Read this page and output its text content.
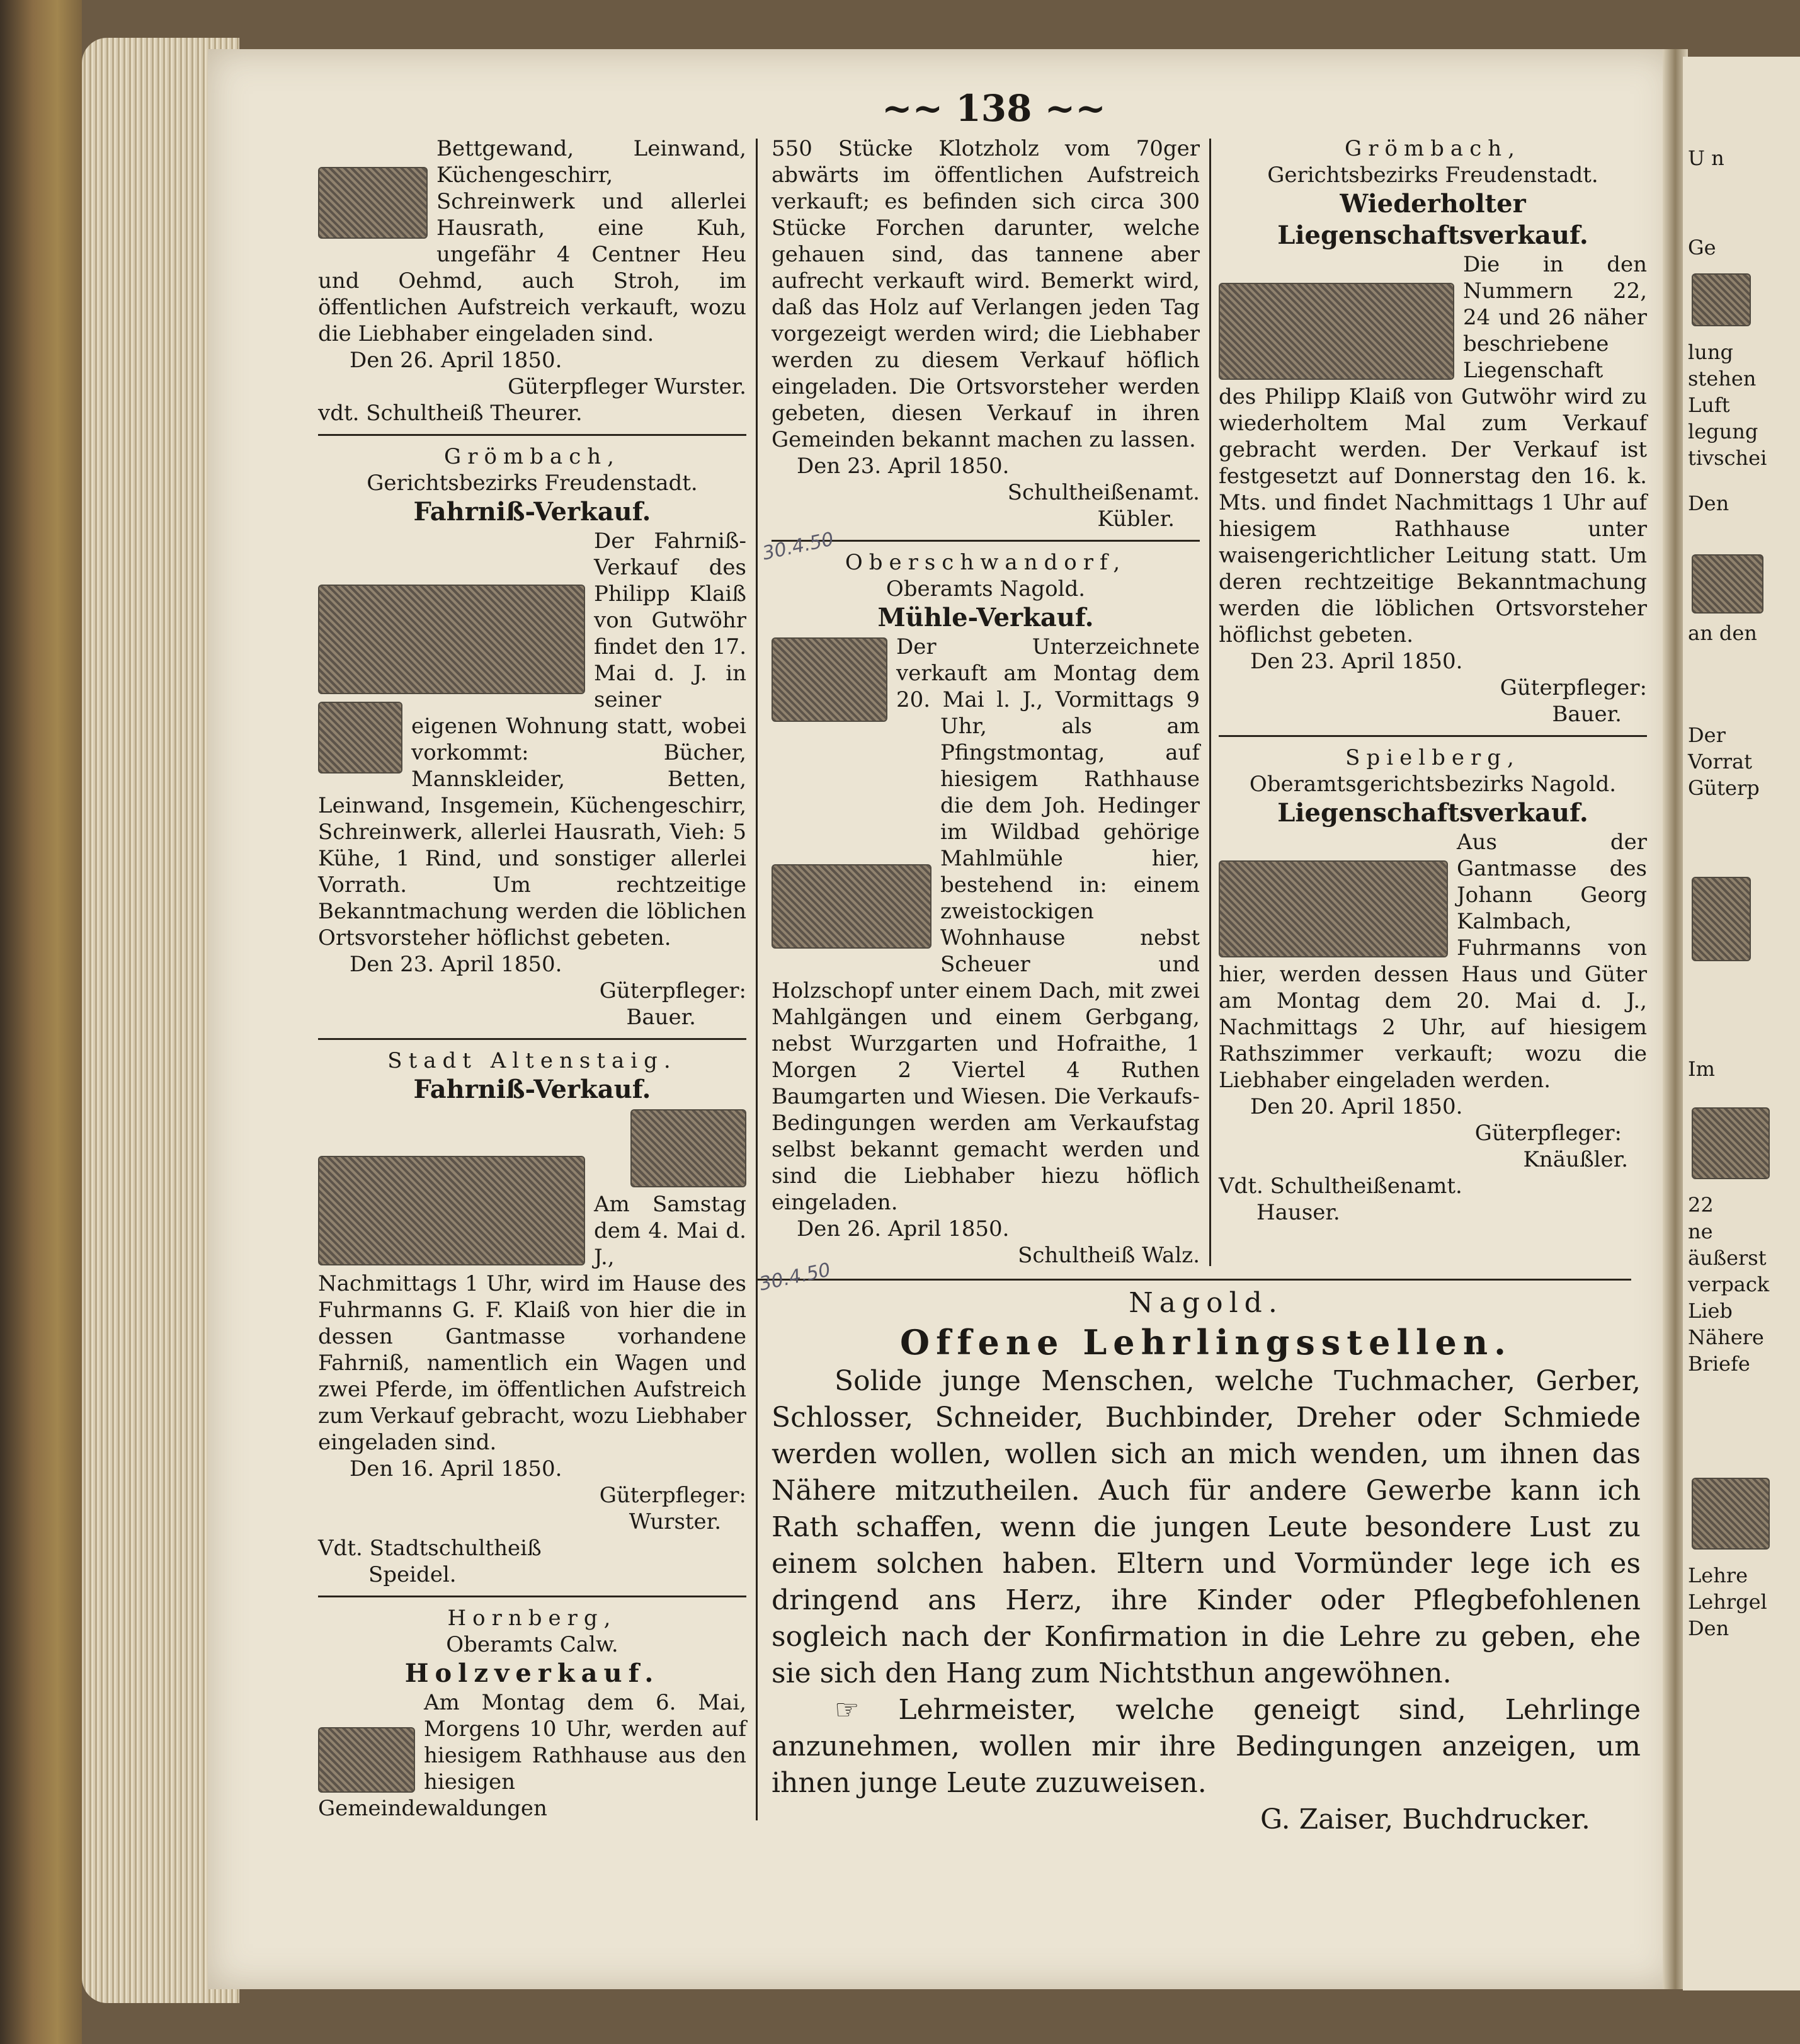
U n
Ge
lung
stehen
Luft
legung
tivschei
Den
an den
Der
Vorrat
Güterp
Im
22
ne
äußerst
verpack
Lieb
Nähere
Briefe
Lehre
Lehrgel
Den
~~ 138 ~~

Bettgewand, Leinwand, Küchengeschirr, Schreinwerk und allerlei Hausrath, eine Kuh, ungefähr 4 Centner Heu und Oehmd, auch Stroh, im öffentlichen Aufstreich verkauft, wozu die Liebhaber eingeladen sind.

Den 26. April 1850.

Güterpfleger Wurster.

vdt. Schultheiß Theurer.

Grömbach,

Gerichtsbezirks Freudenstadt.

Fahrniß-Verkauf.

Der Fahrniß-Verkauf des Philipp Klaiß von Gutwöhr findet den 17. Mai d. J. in seiner eigenen Wohnung statt, wobei vorkommt: Bücher, Mannskleider, Betten, Leinwand, Insgemein, Küchengeschirr, Schreinwerk, allerlei Hausrath, Vieh: 5 Kühe, 1 Rind, und sonstiger allerlei Vorrath. Um rechtzeitige Bekanntmachung werden die löblichen Ortsvorsteher höflichst gebeten.

Den 23. April 1850.

Güterpfleger:

Bauer.

Stadt Altenstaig.

Fahrniß-Verkauf.

Am Samstag dem 4. Mai d. J., Nachmittags 1 Uhr, wird im Hause des Fuhrmanns G. F. Klaiß von hier die in dessen Gantmasse vorhandene Fahrniß, namentlich ein Wagen und zwei Pferde, im öffentlichen Aufstreich zum Verkauf gebracht, wozu Liebhaber eingeladen sind.

Den 16. April 1850.

Güterpfleger:

Wurster.

Vdt. Stadtschultheiß

Speidel.

Hornberg,

Oberamts Calw.

Holzverkauf.

Am Montag dem 6. Mai, Morgens 10 Uhr, werden auf hiesigem Rathhause aus den hiesigen Gemeindewaldungen

550 Stücke Klotzholz vom 70ger abwärts im öffentlichen Aufstreich verkauft; es befinden sich circa 300 Stücke Forchen darunter, welche gehauen sind, das tannene aber aufrecht verkauft wird. Bemerkt wird, daß das Holz auf Verlangen jeden Tag vorgezeigt werden wird; die Liebhaber werden zu diesem Verkauf höflich eingeladen. Die Ortsvorsteher werden gebeten, diesen Verkauf in ihren Gemeinden bekannt machen zu lassen.

Den 23. April 1850.

Schultheißenamt.

Kübler.

Oberschwandorf,

Oberamts Nagold.

Mühle-Verkauf.

Der Unterzeichnete verkauft am Montag dem 20. Mai l. J., Vormittags 9 Uhr, als am Pfingstmontag, auf hiesigem Rathhause die dem Joh. Hedinger im Wildbad gehörige Mahlmühle hier, bestehend in: einem zweistockigen Wohnhause nebst Scheuer und Holzschopf unter einem Dach, mit zwei Mahlgängen und einem Gerbgang, nebst Wurzgarten und Hofraithe, 1 Morgen 2 Viertel 4 Ruthen Baumgarten und Wiesen. Die Verkaufs-Bedingungen werden am Verkaufstag selbst bekannt gemacht werden und sind die Liebhaber hiezu höflich eingeladen.

Den 26. April 1850.

Schultheiß Walz.

Grömbach,

Gerichtsbezirks Freudenstadt.

Wiederholter Liegenschaftsverkauf.

Die in den Nummern 22, 24 und 26 näher beschriebene Liegenschaft des Philipp Klaiß von Gutwöhr wird zu wiederholtem Mal zum Verkauf gebracht werden. Der Verkauf ist festgesetzt auf Donnerstag den 16. k. Mts. und findet Nachmittags 1 Uhr auf hiesigem Rathhause unter waisengerichtlicher Leitung statt. Um deren rechtzeitige Bekanntmachung werden die löblichen Ortsvorsteher höflichst gebeten.

Den 23. April 1850.

Güterpfleger:

Bauer.

Spielberg,

Oberamtsgerichtsbezirks Nagold.

Liegenschaftsverkauf.

Aus der Gantmasse des Johann Georg Kalmbach, Fuhrmanns von hier, werden dessen Haus und Güter am Montag dem 20. Mai d. J., Nachmittags 2 Uhr, auf hiesigem Rathszimmer verkauft; wozu die Liebhaber eingeladen werden.

Den 20. April 1850.

Güterpfleger:

Knäußler.

Vdt. Schultheißenamt.

Hauser.

Nagold.

Offene Lehrlingsstellen.

Solide junge Menschen, welche Tuchmacher, Gerber, Schlosser, Schneider, Buchbinder, Dreher oder Schmiede werden wollen, wollen sich an mich wenden, um ihnen das Nähere mitzutheilen. Auch für andere Gewerbe kann ich Rath schaffen, wenn die jungen Leute besondere Lust zu einem solchen haben. Eltern und Vormünder lege ich es dringend ans Herz, ihre Kinder oder Pflegbefohlenen sogleich nach der Konfirmation in die Lehre zu geben, ehe sie sich den Hang zum Nichtsthun angewöhnen.

☞ Lehrmeister, welche geneigt sind, Lehrlinge anzunehmen, wollen mir ihre Bedingungen anzeigen, um ihnen junge Leute zuzuweisen.

G. Zaiser, Buchdrucker.

30.4.50
30.4.50
